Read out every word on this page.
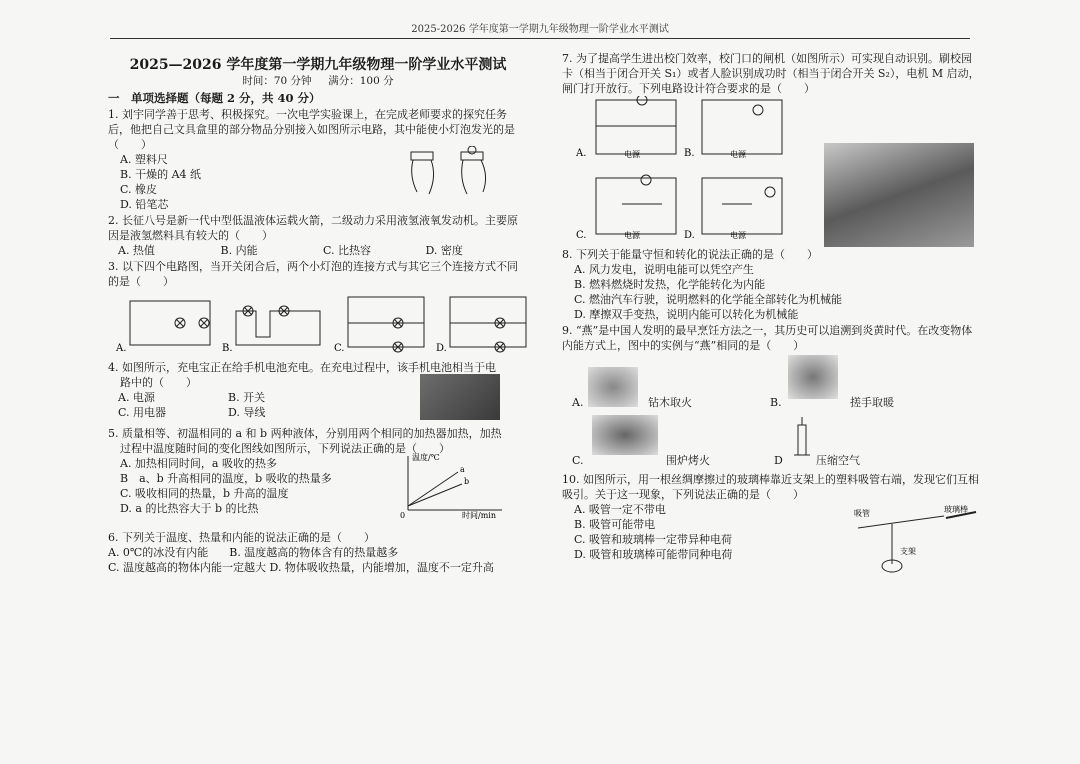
2025-2026 学年度第一学期九年级物理一阶学业水平测试
2025—2026 学年度第一学期九年级物理一阶学业水平测试
时间：70 分钟 满分：100 分
一　单项选择题（每题 2 分，共 40 分）
1. 刘宇同学善于思考、积极探究。一次电学实验课上，在完成老师要求的探究任务后，他把自己文具盒里的部分物品分别接入如图所示电路，其中能使小灯泡发光的是（　　）
A. 塑料尺
B. 干燥的 A4 纸
C. 橡皮
D. 铅笔芯
2. 长征八号是新一代中型低温液体运载火箭，二级动力采用液氢液氧发动机。主要原因是液氢燃料具有较大的（　　）
A. 热值	B. 内能	C. 比热容	D. 密度
3. 以下四个电路图，当开关闭合后，两个小灯泡的连接方式与其它三个连接方式不同的是（　　）
A.	B.	C.	D.
4. 如图所示，充电宝正在给手机电池充电。在充电过程中，该手机电池相当于电
路中的（　　）
A. 电源	B. 开关
C. 用电器	D. 导线
5. 质量相等、初温相同的 a 和 b 两种液体，分别用两个相同的加热器加热，加热
过程中温度随时间的变化图线如图所示，下列说法正确的是（　　）
A. 加热相同时间，a 吸收的热多
B　a、b 升高相同的温度，b 吸收的热量多
C. 吸收相同的热量，b 升高的温度
D. a 的比热容大于 b 的比热
温度/℃
时间/min
0
a
b
6. 下列关于温度、热量和内能的说法正确的是（　　）
A. 0℃的冰没有内能 B. 温度越高的物体含有的热量越多
C. 温度越高的物体内能一定越大 D. 物体吸收热量，内能增加，温度不一定升高
7. 为了提高学生进出校门效率，校门口的闸机（如图所示）可实现自动识别。刷校园卡（相当于闭合开关 S₁）或者人脸识别成功时（相当于闭合开关 S₂），电机 M 启动，闸门打开放行。下列电路设计符合要求的是（　　）
A.	B.
C.	D.
电源	电源
电源	电源
8. 下列关于能量守恒和转化的说法正确的是（　　）
A. 风力发电，说明电能可以凭空产生
B. 燃料燃烧时发热，化学能转化为内能
C. 燃油汽车行驶，说明燃料的化学能全部转化为机械能
D. 摩擦双手变热，说明内能可以转化为机械能
9. “燕”是中国人发明的最早烹饪方法之一，其历史可以追溯到炎黄时代。在改变物体内能方式上，图中的实例与“燕”相同的是（　　）
A.	钻木取火	B.	搓手取暖
C.	围炉烤火	D	压缩空气
10. 如图所示，用一根丝绸摩擦过的玻璃棒靠近支架上的塑料吸管右端，发现它们互相吸引。关于这一现象，下列说法正确的是（　　）
A. 吸管一定不带电
B. 吸管可能带电
C. 吸管和玻璃棒一定带异种电荷
D. 吸管和玻璃棒可能带同种电荷
吸管	玻璃棒
支架
